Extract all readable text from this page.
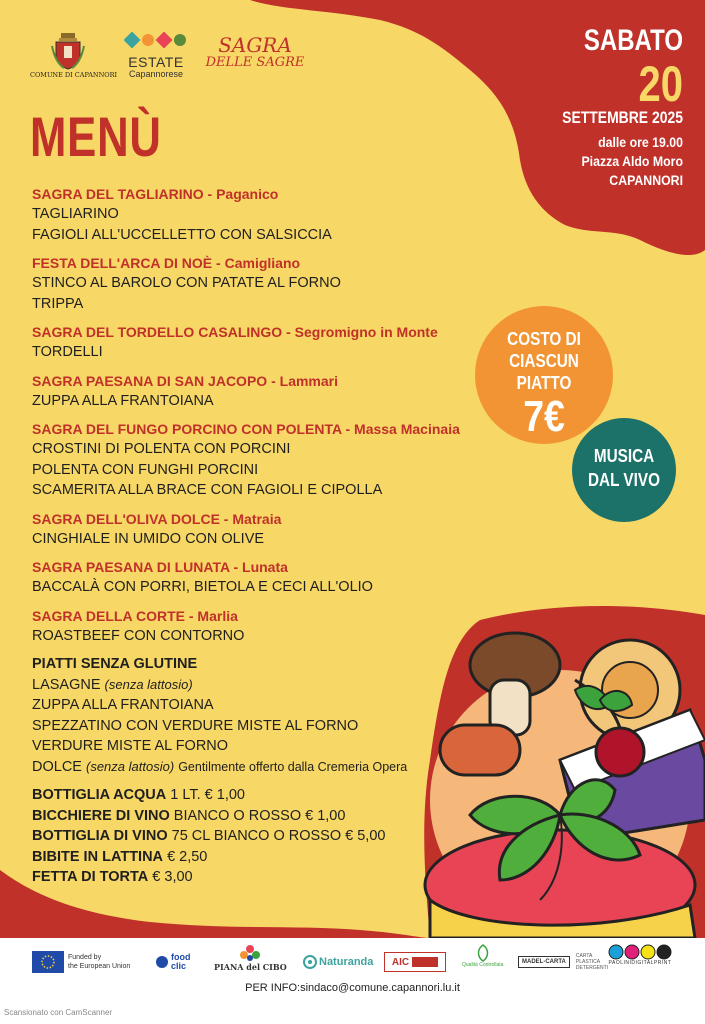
COMUNE DI CAPANNORI
ESTATE
Capannorese
SAGRA
DELLE SAGRE
MENÙ
SABATO
20
SETTEMBRE 2025
dalle ore 19.00
Piazza Aldo Moro
CAPANNORI
SAGRA DEL TAGLIARINO - Paganico
TAGLIARINO
FAGIOLI ALL'UCCELLETTO CON SALSICCIA
FESTA DELL'ARCA DI NOÈ - Camigliano
STINCO AL BAROLO CON PATATE AL FORNO
TRIPPA
SAGRA DEL TORDELLO CASALINGO - Segromigno in Monte
TORDELLI
SAGRA PAESANA DI SAN JACOPO - Lammari
ZUPPA ALLA FRANTOIANA
SAGRA DEL FUNGO PORCINO CON POLENTA - Massa Macinaia
CROSTINI DI POLENTA CON PORCINI
POLENTA CON FUNGHI PORCINI
SCAMERITA ALLA BRACE CON FAGIOLI E CIPOLLA
SAGRA DELL'OLIVA DOLCE - Matraia
CINGHIALE IN UMIDO CON OLIVE
SAGRA PAESANA DI LUNATA - Lunata
BACCALÀ CON PORRI, BIETOLA E CECI ALL'OLIO
SAGRA DELLA CORTE - Marlia
ROASTBEEF CON CONTORNO
PIATTI SENZA GLUTINE
LASAGNE (senza lattosio)
ZUPPA ALLA FRANTOIANA
SPEZZATINO CON VERDURE MISTE AL FORNO
VERDURE MISTE AL FORNO
DOLCE (senza lattosio) Gentilmente offerto dalla Cremeria Opera
BOTTIGLIA ACQUA 1 LT. € 1,00
BICCHIERE DI VINO BIANCO O ROSSO € 1,00
BOTTIGLIA DI VINO 75 CL BIANCO O ROSSO € 5,00
BIBITE IN LATTINA € 2,50
FETTA DI TORTA € 3,00
COSTO DI
CIASCUN PIATTO
7€
MUSICA
DAL VIVO
Funded by
the European Union
food
clic	PIANA del CIBO	Naturanda AIC	Qualità Controllata	MADEL-CARTA
CARTA PLASTICA DETERGENTI
PAOLINIDIGITALPRINT
PER INFO:sindaco@comune.capannori.lu.it
Scansionato con CamScanner
